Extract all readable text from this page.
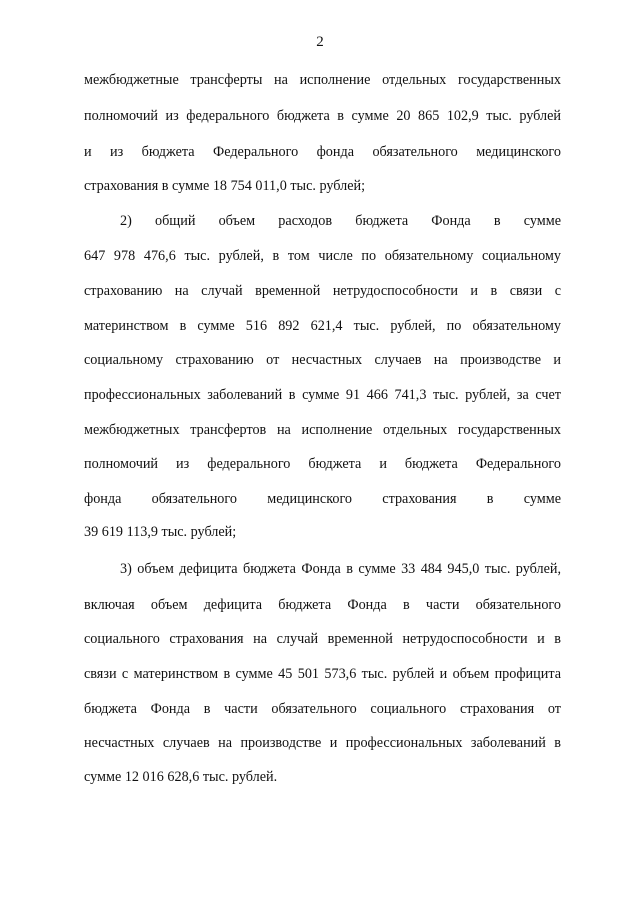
2
межбюджетные трансферты на исполнение отдельных государственных
полномочий из федерального бюджета в сумме 20 865 102,9 тыс. рублей
и из бюджета Федерального фонда обязательного медицинского
страхования в сумме 18 754 011,0 тыс. рублей;
2) общий объем расходов бюджета Фонда в сумме
647 978 476,6 тыс. рублей, в том числе по обязательному социальному
страхованию на случай временной нетрудоспособности и в связи с
материнством в сумме 516 892 621,4 тыс. рублей, по обязательному
социальному страхованию от несчастных случаев на производстве и
профессиональных заболеваний в сумме 91 466 741,3 тыс. рублей, за счет
межбюджетных трансфертов на исполнение отдельных государственных
полномочий из федерального бюджета и бюджета Федерального
фонда обязательного медицинского страхования в сумме
39 619 113,9 тыс. рублей;
3) объем дефицита бюджета Фонда в сумме 33 484 945,0 тыс. рублей,
включая объем дефицита бюджета Фонда в части обязательного
социального страхования на случай временной нетрудоспособности и в
связи с материнством в сумме 45 501 573,6 тыс. рублей и объем профицита
бюджета Фонда в части обязательного социального страхования от
несчастных случаев на производстве и профессиональных заболеваний в
сумме 12 016 628,6 тыс. рублей.
